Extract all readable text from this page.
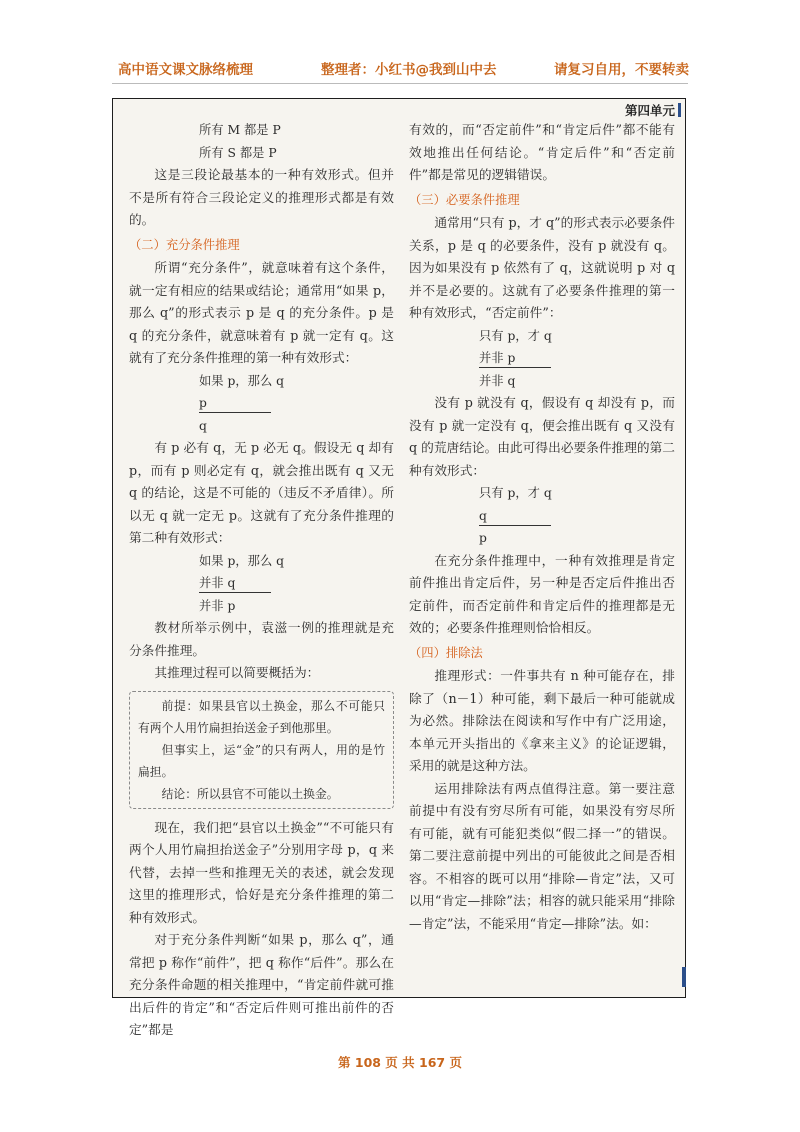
高中语文课文脉络梳理	整理者：小红书@我到山中去	请复习自用，不要转卖
第四单元

所有 M 都是 P

所有 S 都是 P

这是三段论最基本的一种有效形式。但并不是所有符合三段论定义的推理形式都是有效的。

（二）充分条件推理

所谓“充分条件”，就意味着有这个条件，就一定有相应的结果或结论；通常用“如果 p，那么 q”的形式表示 p 是 q 的充分条件。p 是 q 的充分条件，就意味着有 p 就一定有 q。这就有了充分条件推理的第一种有效形式：

如果 p，那么 q

p

q

有 p 必有 q，无 p 必无 q。假设无 q 却有 p，而有 p 则必定有 q，就会推出既有 q 又无 q 的结论，这是不可能的（违反不矛盾律）。所以无 q 就一定无 p。这就有了充分条件推理的第二种有效形式：

如果 p，那么 q

并非 q

并非 p

教材所举示例中，袁滋一例的推理就是充分条件推理。

其推理过程可以简要概括为：

前提：如果县官以土换金，那么不可能只有两个人用竹扁担抬送金子到他那里。

但事实上，运“金”的只有两人，用的是竹扁担。

结论：所以县官不可能以土换金。

现在，我们把“县官以土换金”“不可能只有两个人用竹扁担抬送金子”分别用字母 p，q 来代替，去掉一些和推理无关的表述，就会发现这里的推理形式，恰好是充分条件推理的第二种有效形式。

对于充分条件判断“如果 p，那么 q”，通常把 p 称作“前件”，把 q 称作“后件”。那么在充分条件命题的相关推理中，“肯定前件就可推出后件的肯定”和“否定后件则可推出前件的否定”都是

有效的，而“否定前件”和“肯定后件”都不能有效地推出任何结论。“肯定后件”和“否定前件”都是常见的逻辑错误。

（三）必要条件推理

通常用“只有 p，才 q”的形式表示必要条件关系，p 是 q 的必要条件，没有 p 就没有 q。因为如果没有 p 依然有了 q，这就说明 p 对 q 并不是必要的。这就有了必要条件推理的第一种有效形式，“否定前件”：

只有 p，才 q

并非 p

并非 q

没有 p 就没有 q，假设有 q 却没有 p，而没有 p 就一定没有 q，便会推出既有 q 又没有 q 的荒唐结论。由此可得出必要条件推理的第二种有效形式：

只有 p，才 q

q

p

在充分条件推理中，一种有效推理是肯定前件推出肯定后件，另一种是否定后件推出否定前件，而否定前件和肯定后件的推理都是无效的；必要条件推理则恰恰相反。

（四）排除法

推理形式：一件事共有 n 种可能存在，排除了（n－1）种可能，剩下最后一种可能就成为必然。排除法在阅读和写作中有广泛用途，本单元开头指出的《拿来主义》的论证逻辑，采用的就是这种方法。

运用排除法有两点值得注意。第一要注意前提中有没有穷尽所有可能，如果没有穷尽所有可能，就有可能犯类似“假二择一”的错误。第二要注意前提中列出的可能彼此之间是否相容。不相容的既可以用“排除—肯定”法，又可以用“肯定—排除”法；相容的就只能采用“排除—肯定”法，不能采用“肯定—排除”法。如：

第 108 页 共 167 页
